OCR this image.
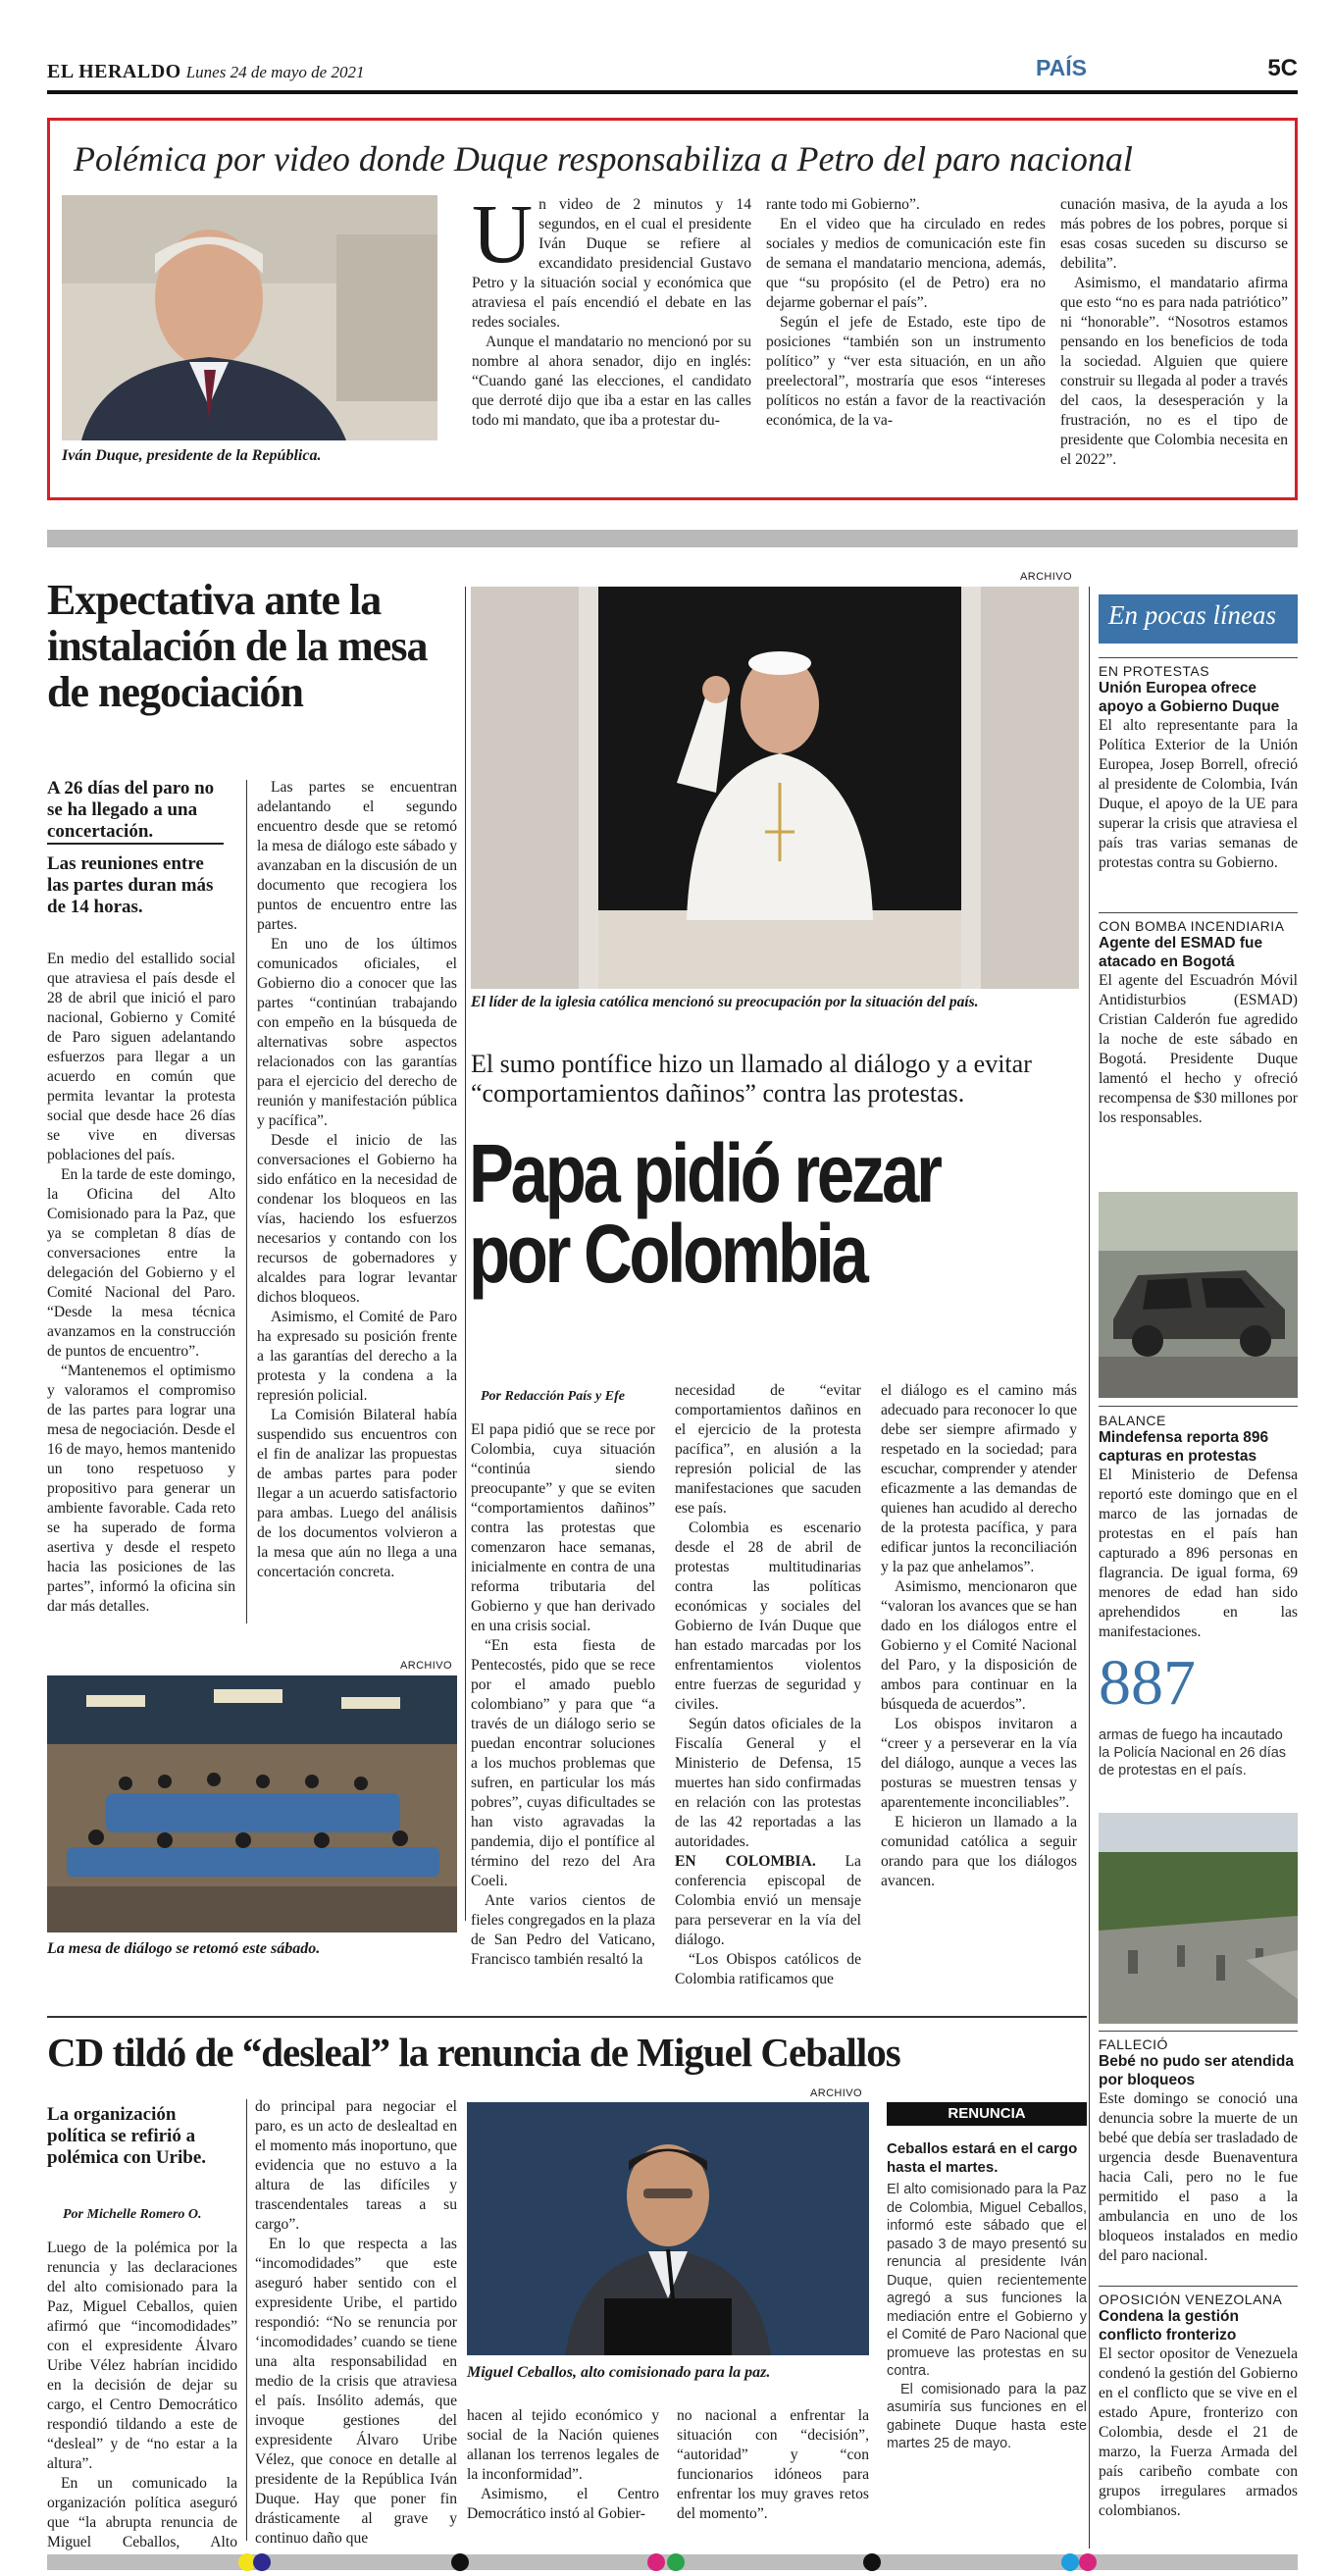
EL HERALDO Lunes 24 de mayo de 2021	PAÍS	5C
Polémica por video donde Duque responsabiliza a Petro del paro nacional
Iván Duque, presidente de la República.
U n video de 2 minutos y 14 segundos, en el cual el presidente Iván Duque se refiere al excandidato presidencial Gustavo Petro y la situación social y económica que atraviesa el país encendió el debate en las redes sociales.

Aunque el mandatario no mencionó por su nombre al ahora senador, dijo en inglés: “Cuando gané las elecciones, el candidato que derroté dijo que iba a estar en las calles todo mi mandato, que iba a protestar du-

rante todo mi Gobierno”.

En el video que ha circulado en redes sociales y medios de comunicación este fin de semana el mandatario menciona, además, que “su propósito (el de Petro) era no dejarme gobernar el país”.

Según el jefe de Estado, este tipo de posiciones “también son un instrumento político” y “ver esta situación, en un año preelectoral”, mostraría que esos “intereses políticos no están a favor de la reactivación económica, de la va-

cunación masiva, de la ayuda a los más pobres de los pobres, porque si esas cosas suceden su discurso se debilita”.

Asimismo, el mandatario afirma que esto “no es para nada patriótico” ni “honorable”. “Nosotros estamos pensando en los beneficios de toda la sociedad. Alguien que quiere construir su llegada al poder a través del caos, la desesperación y la frustración, no es el tipo de presidente que Colombia necesita en el 2022”.

Expectativa ante la instalación de la mesa de negociación
A 26 días del paro no se ha llegado a una concertación.
Las reuniones entre las partes duran más de 14 horas.

En medio del estallido social que atraviesa el país desde el 28 de abril que inició el paro nacional, Gobierno y Comité de Paro siguen adelantando esfuerzos para llegar a un acuerdo en común que permita levantar la protesta social que desde hace 26 días se vive en diversas poblaciones del país.

En la tarde de este domingo, la Oficina del Alto Comisionado para la Paz, que ya se completan 8 días de conversaciones entre la delegación del Gobierno y el Comité Nacional del Paro. “Desde la mesa técnica avanzamos en la construcción de puntos de encuentro”.

“Mantenemos el optimismo y valoramos el compromiso de las partes para lograr una mesa de negociación. Desde el 16 de mayo, hemos mantenido un tono respetuoso y propositivo para generar un ambiente favorable. Cada reto se ha superado de forma asertiva y desde el respeto hacia las posiciones de las partes”, informó la oficina sin dar más detalles.

Las partes se encuentran adelantando el segundo encuentro desde que se retomó la mesa de diálogo este sábado y avanzaban en la discusión de un documento que recogiera los puntos de encuentro entre las partes.

En uno de los últimos comunicados oficiales, el Gobierno dio a conocer que las partes “continúan trabajando con empeño en la búsqueda de alternativas sobre aspectos relacionados con las garantías para el ejercicio del derecho de reunión y manifestación pública y pacífica”.

Desde el inicio de las conversaciones el Gobierno ha sido enfático en la necesidad de condenar los bloqueos en las vías, haciendo los esfuerzos necesarios y contando con los recursos de gobernadores y alcaldes para lograr levantar dichos bloqueos.

Asimismo, el Comité de Paro ha expresado su posición frente a las garantías del derecho a la protesta y la condena a la represión policial.

La Comisión Bilateral había suspendido sus encuentros con el fin de analizar las propuestas de ambas partes para poder llegar a un acuerdo satisfactorio para ambas. Luego del análisis de los documentos volvieron a la mesa que aún no llega a una concertación concreta.

ARCHIVO
La mesa de diálogo se retomó este sábado.
ARCHIVO
El líder de la iglesia católica mencionó su preocupación por la situación del país.
El sumo pontífice hizo un llamado al diálogo y a evitar “comportamientos dañinos” contra las protestas.
Papa pidió rezar por Colombia
Por Redacción País y Efe

El papa pidió que se rece por Colombia, cuya situación “continúa siendo preocupante” y que se eviten “comportamientos dañinos” contra las protestas que comenzaron hace semanas, inicialmente en contra de una reforma tributaria del Gobierno y que han derivado en una crisis social.

“En esta fiesta de Pentecostés, pido que se rece por el amado pueblo colombiano” y para que “a través de un diálogo serio se puedan encontrar soluciones a los muchos problemas que sufren, en particular los más pobres”, cuyas dificultades se han visto agravadas la pandemia, dijo el pontífice al término del rezo del Ara Coeli.

Ante varios cientos de fieles congregados en la plaza de San Pedro del Vaticano, Francisco también resaltó la

necesidad de “evitar comportamientos dañinos en el ejercicio de la protesta pacífica”, en alusión a la represión policial de las manifestaciones que sacuden ese país.

Colombia es escenario desde el 28 de abril de protestas multitudinarias contra las políticas económicas y sociales del Gobierno de Iván Duque que han estado marcadas por los enfrentamientos violentos entre fuerzas de seguridad y civiles.

Según datos oficiales de la Fiscalía General y el Ministerio de Defensa, 15 muertes han sido confirmadas en relación con las protestas de las 42 reportadas a las autoridades.

EN COLOMBIA. La conferencia episcopal de Colombia envió un mensaje para perseverar en la vía del diálogo.

“Los Obispos católicos de Colombia ratificamos que

el diálogo es el camino más adecuado para reconocer lo que debe ser siempre afirmado y respetado en la sociedad; para escuchar, comprender y atender eficazmente a las demandas de quienes han acudido al derecho de la protesta pacífica, y para edificar juntos la reconciliación y la paz que anhelamos”.

Asimismo, mencionaron que “valoran los avances que se han dado en los diálogos entre el Gobierno y el Comité Nacional del Paro, y la disposición de ambos para continuar en la búsqueda de acuerdos”.

Los obispos invitaron a “creer y a perseverar en la vía del diálogo, aunque a veces las posturas se muestren tensas y aparentemente inconciliables”.

E hicieron un llamado a la comunidad católica a seguir orando para que los diálogos avancen.

En pocas líneas
EN PROTESTAS
Unión Europea ofrece apoyo a Gobierno Duque
El alto representante para la Política Exterior de la Unión Europea, Josep Borrell, ofreció al presidente de Colombia, Iván Duque, el apoyo de la UE para superar la crisis que atraviesa el país tras varias semanas de protestas contra su Gobierno.
CON BOMBA INCENDIARIA
Agente del ESMAD fue atacado en Bogotá
El agente del Escuadrón Móvil Antidisturbios (ESMAD) Cristian Calderón fue agredido la noche de este sábado en Bogotá. Presidente Duque lamentó el hecho y ofreció recompensa de $30 millones por los responsables.
BALANCE
Mindefensa reporta 896 capturas en protestas
El Ministerio de Defensa reportó este domingo que en el marco de las jornadas de protestas en el país han capturado a 896 personas en flagrancia. De igual forma, 69 menores de edad han sido aprehendidos en las manifestaciones.
887
armas de fuego ha incautado la Policía Nacional en 26 días de protestas en el país.
FALLECIÓ
Bebé no pudo ser atendida por bloqueos
Este domingo se conoció una denuncia sobre la muerte de un bebé que debía ser trasladado de urgencia desde Buenaventura hacia Cali, pero no le fue permitido el paso a la ambulancia en uno de los bloqueos instalados en medio del paro nacional.
OPOSICIÓN VENEZOLANA
Condena la gestión conflicto fronterizo
El sector opositor de Venezuela condenó la gestión del Gobierno en el conflicto que se vive en el estado Apure, fronterizo con Colombia, desde el 21 de marzo, la Fuerza Armada del país caribeño combate con grupos irregulares armados colombianos.
CD tildó de “desleal” la renuncia de Miguel Ceballos
La organización política se refirió a polémica con Uribe.
Por Michelle Romero O.

Luego de la polémica por la renuncia y las declaraciones del alto comisionado para la Paz, Miguel Ceballos, quien afirmó que “incomodidades” con el expresidente Álvaro Uribe Vélez habrían incidido en la decisión de dejar su cargo, el Centro Democrático respondió tildando a este de “desleal” y de “no estar a la altura”.

En un comunicado la organización política aseguró que “la abrupta renuncia de Miguel Ceballos, Alto

do principal para negociar el paro, es un acto de deslealtad en el momento más inoportuno, que evidencia que no estuvo a la altura de las difíciles y trascendentales tareas a su cargo”.

En lo que respecta a las “incomodidades” que este aseguró haber sentido con el expresidente Uribe, el partido respondió: “No se renuncia por ‘incomodidades’ cuando se tiene una alta responsabilidad en medio de la crisis que atraviesa el país. Insólito además, que invoque gestiones del expresidente Álvaro Uribe Vélez, que conoce en detalle al presidente de la República Iván Duque. Hay que poner fin drásticamente al grave y continuo daño que

ARCHIVO
Miguel Ceballos, alto comisionado para la paz.

hacen al tejido económico y social de la Nación quienes allanan los terrenos legales de la inconformidad”.

Asimismo, el Centro Democrático instó al Gobier-

no nacional a enfrentar la situación con “decisión”, “autoridad” y “con funcionarios idóneos para enfrentar los muy graves retos del momento”.

RENUNCIA
Ceballos estará en el cargo hasta el martes.

El alto comisionado para la Paz de Colombia, Miguel Ceballos, informó este sábado que el pasado 3 de mayo presentó su renuncia al presidente Iván Duque, quien recientemente agregó a sus funciones la mediación entre el Gobierno y el Comité de Paro Nacional que promueve las protestas en su contra.

El comisionado para la paz asumiría sus funciones en el gabinete Duque hasta este martes 25 de mayo.
